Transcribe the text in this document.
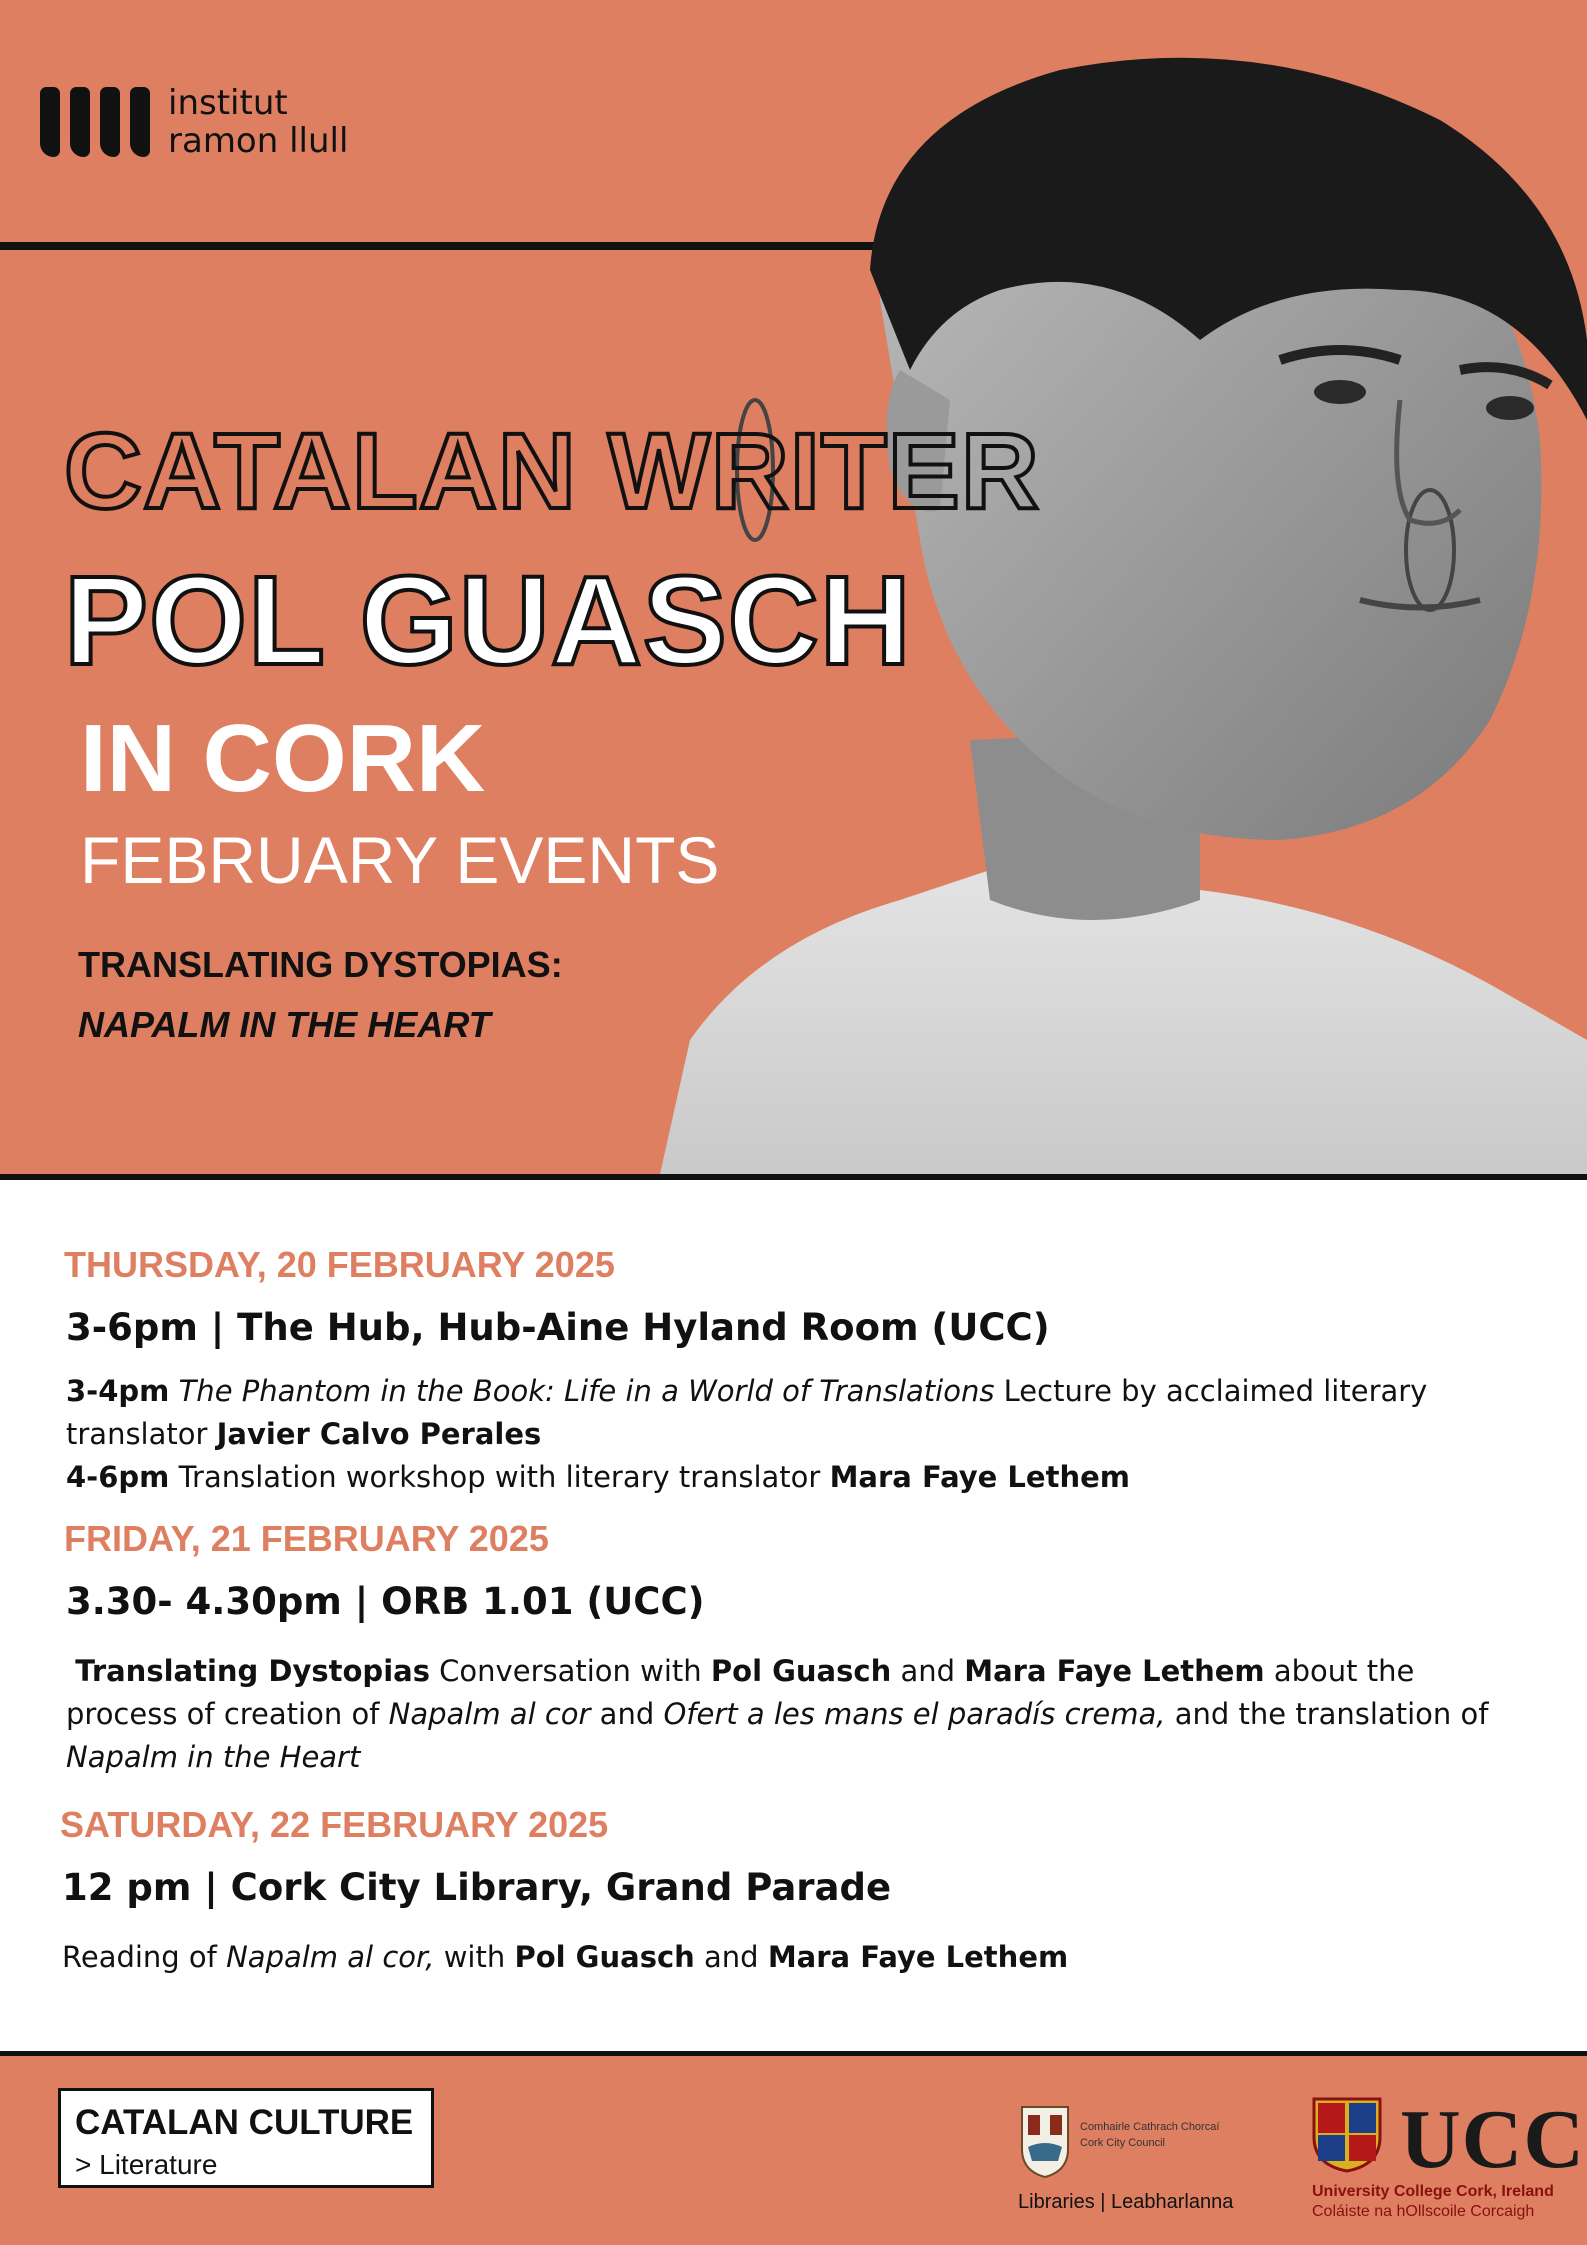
institut
ramon llull
CATALAN WRITER
POL GUASCH
IN CORK
FEBRUARY EVENTS
TRANSLATING DYSTOPIAS:
NAPALM IN THE HEART
THURSDAY, 20 FEBRUARY 2025
3-6pm | The Hub, Hub-Aine Hyland Room (UCC)
3-4pm The Phantom in the Book: Life in a World of Translations Lecture by acclaimed literary translator Javier Calvo Perales
4-6pm Translation workshop with literary translator Mara Faye Lethem
FRIDAY, 21 FEBRUARY 2025
3.30- 4.30pm | ORB 1.01 (UCC)
Translating Dystopias Conversation with Pol Guasch and Mara Faye Lethem about the process of creation of Napalm al cor and Ofert a les mans el paradís crema, and the translation of Napalm in the Heart
SATURDAY, 22 FEBRUARY 2025
12 pm | Cork City Library, Grand Parade
Reading of Napalm al cor, with Pol Guasch and Mara Faye Lethem
CATALAN CULTURE
> Literature
Comhairle Cathrach Chorcaí
Cork City Council
Libraries | Leabharlanna
UCC
University College Cork, Ireland
Coláiste na hOllscoile Corcaigh
